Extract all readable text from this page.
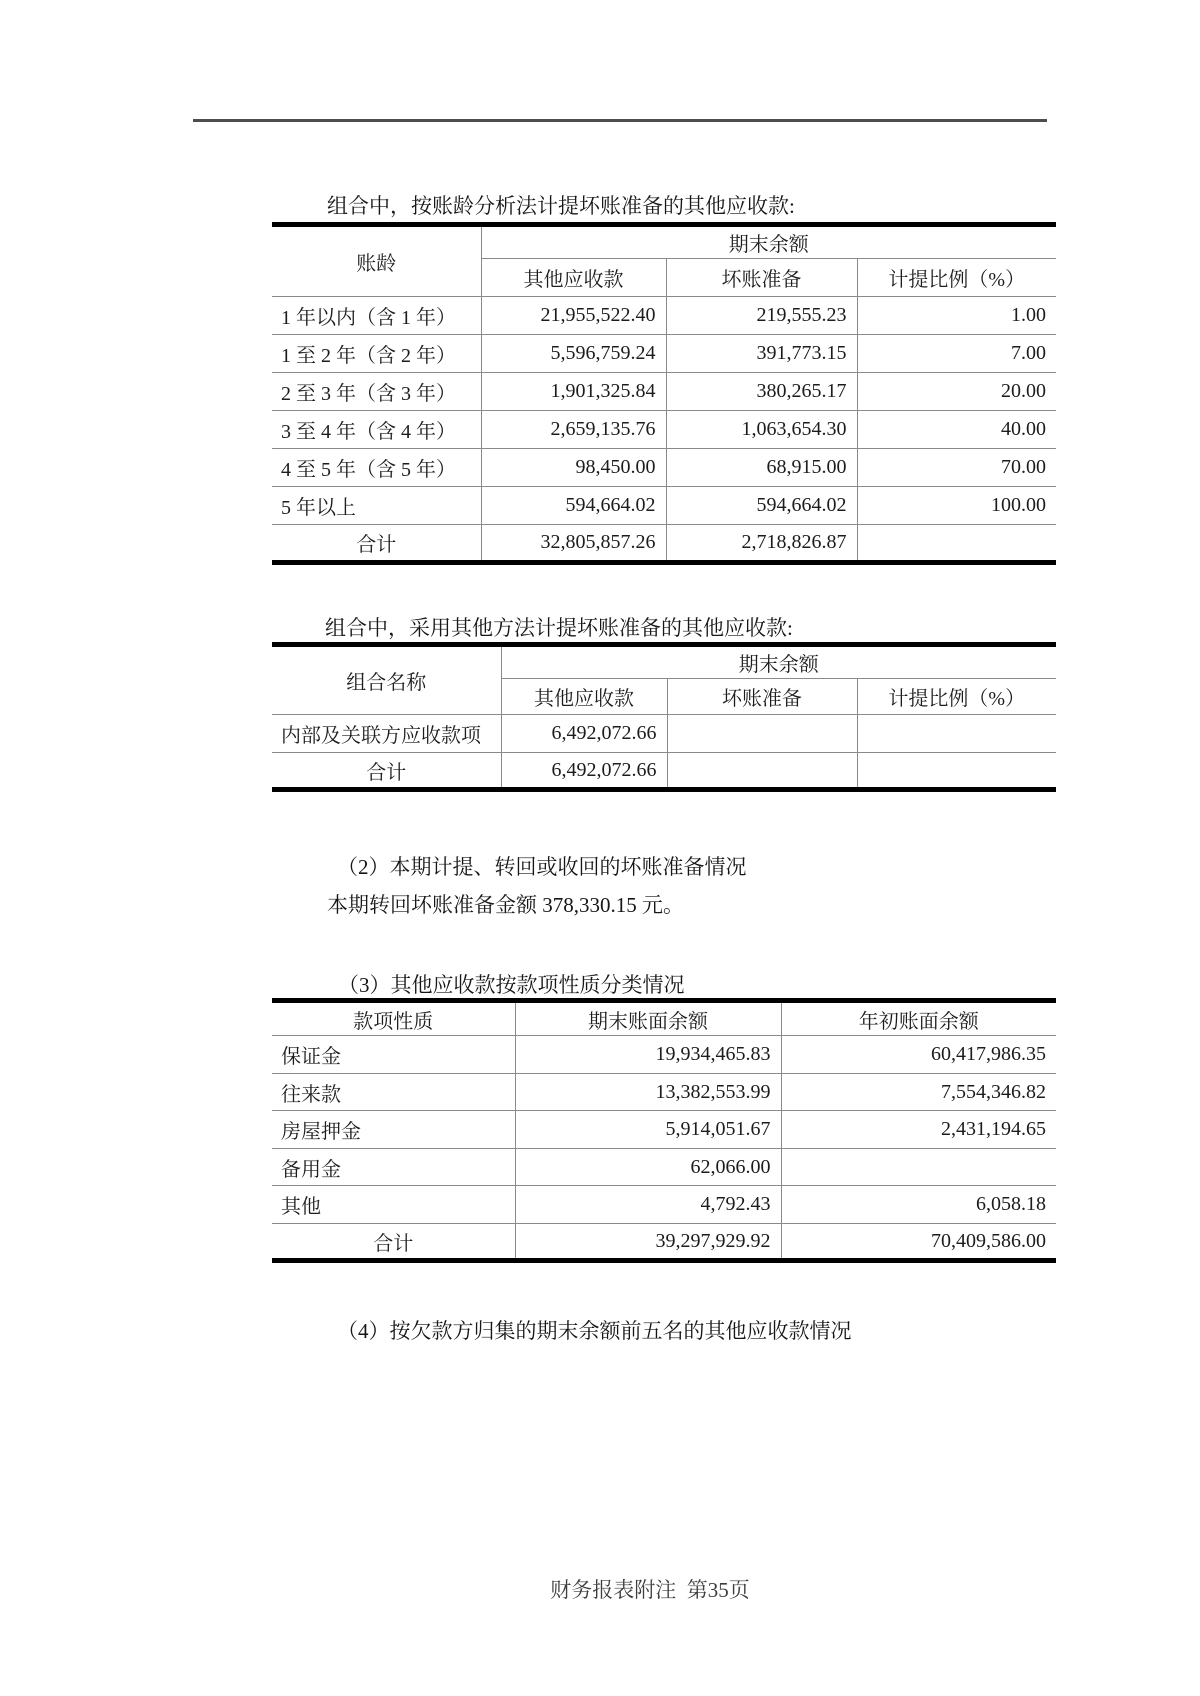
组合中，按账龄分析法计提坏账准备的其他应收款:
账龄	期末余额		
	其他应收款	坏账准备	计提比例（%）
1 年以内（含 1 年）	21,955,522.40	219,555.23	1.00
1 至 2 年（含 2 年）	5,596,759.24	391,773.15	7.00
2 至 3 年（含 3 年）	1,901,325.84	380,265.17	20.00
3 至 4 年（含 4 年）	2,659,135.76	1,063,654.30	40.00
4 至 5 年（含 5 年）	98,450.00	68,915.00	70.00
5 年以上	594,664.02	594,664.02	100.00
合计	32,805,857.26	2,718,826.87	
组合中，采用其他方法计提坏账准备的其他应收款:
组合名称	期末余额		
	其他应收款	坏账准备	计提比例（%）
内部及关联方应收款项	6,492,072.66		
合计	6,492,072.66		
（2）本期计提、转回或收回的坏账准备情况
本期转回坏账准备金额 378,330.15 元。
（3）其他应收款按款项性质分类情况
款项性质	期末账面余额	年初账面余额
保证金	19,934,465.83	60,417,986.35
往来款	13,382,553.99	7,554,346.82
房屋押金	5,914,051.67	2,431,194.65
备用金	62,066.00	
其他	4,792.43	6,058.18
合计	39,297,929.92	70,409,586.00
（4）按欠款方归集的期末余额前五名的其他应收款情况
财务报表附注  第35页
